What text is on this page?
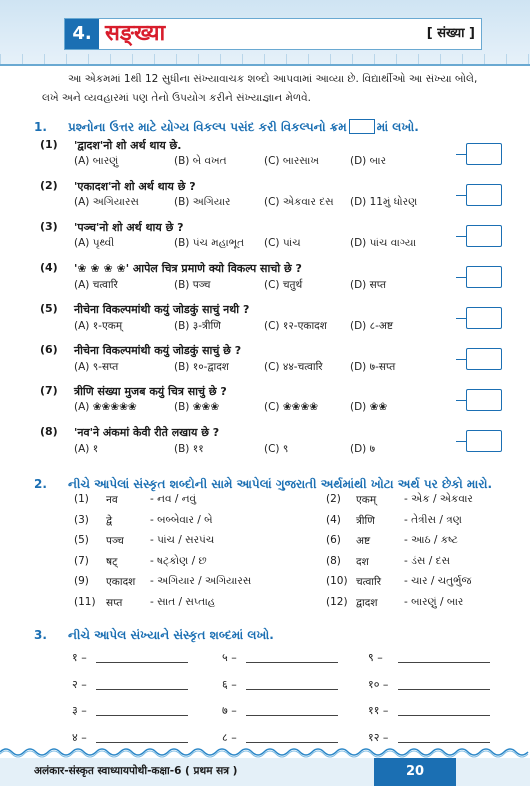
4. सङ्ख्या	[ संख्या ]

આ એકમમાં 1થી 12 સુધીના સંખ્યાવાચક શબ્દો આપવામાં આવ્યા છે. વિદ્યાર્થીઓ આ સંખ્યા બોલે, લખે અને વ્યવહારમાં પણ તેનો ઉપયોગ કરીને સંખ્યાજ્ઞાન મેળવે.

1. પ્રશ્નોના ઉત્તર માટે યોગ્ય વિકલ્પ પસંદ કરી વિકલ્પનો ક્રમ	માં લખો.
(1) 'द्वादश'नो शो अर्थ थाय छे.
(A) બારણું	(B) બે વખત	(C) બારસાખ	(D) બાર
(2) 'एकादश'नो शो अर्थ थाय छे ?
(A) અગિયારસ	(B) અગિયાર	(C) એકવાર દસ (D) 11મું ધોરણ
(3) 'पञ्च'नो शो अर्थ थाय छे ?
(A) પૃથ્વી	(B) પંચ મહાભૂત (C) પાંચ	(D) પાંચ વાગ્યા
(4) '❀ ❀ ❀ ❀' आपेल चित्र प्रमाणे क्यो विकल्प साचो छे ?
(A) चत्वारि	(B) पञ्च	(C) चतुर्थ	(D) सप्त
(5) नीचेना विकल्पमांथी कयुं जोडकुं साचुं नथी ?
(A) १-एकम्	(B) ३-त्रीणि	(C) १२-एकादश (D) ८-अष्ट
(6) नीचेना विकल्पमांथी कयुं जोडकुं साचुं छे ?
(A) ९-सप्त	(B) १०-द्वादश	(C) ४४-चत्वारि	(D) ७-सप्त
(7) त्रीणि संख्या मुजब कयुं चित्र साचुं छे ?
(A) ❀❀❀❀❀	(B) ❀❀❀	(C) ❀❀❀❀	(D) ❀❀
(8) 'नव'ने अंकमां केवी रीते लखाय छे ?
(A) १	(B) ११	(C) ९	(D) ७
2. નીચે આપેલાં સંસ્કૃત શબ્દોની સામે આપેલાં ગુજરાતી અર્થમાંથી ખોટા અર્થ પર છેકો મારો.
(1) नव	- નવ / નવું	(2) एकम्	- એક / એકવાર
(3) द्वे	- બબ્બેવાર / બે	(4) त्रीणि	- તેત્રીસ / ત્રણ
(5) पञ्च	- પાંચ / સરપંચ	(6) अष्ट	- આઠ / કષ્ટ
(7) षट्	- ષટ્કોણ / છ	(8) दश	- ડંસ / દસ
(9) एकादश - અગિયાર / અગિયારસ	(10) चत्वारि - ચાર / ચતુર્ભુજ
(11) सप्त	- સાત / સપ્તાહ	(12) द्वादश	- બારણું / બાર
3. નીચે આપેલ સંખ્યાને સંસ્કૃત શબ્દમાં લખો.
१ –	५ –	९ –
२ –	६ –	१० –
३ –	७ –	११ –
४ –	८ –	१२ –
अलंकार-संस्कृत स्वाध्यायपोथी-कक्षा-6 ( प्रथम सत्र )	20
